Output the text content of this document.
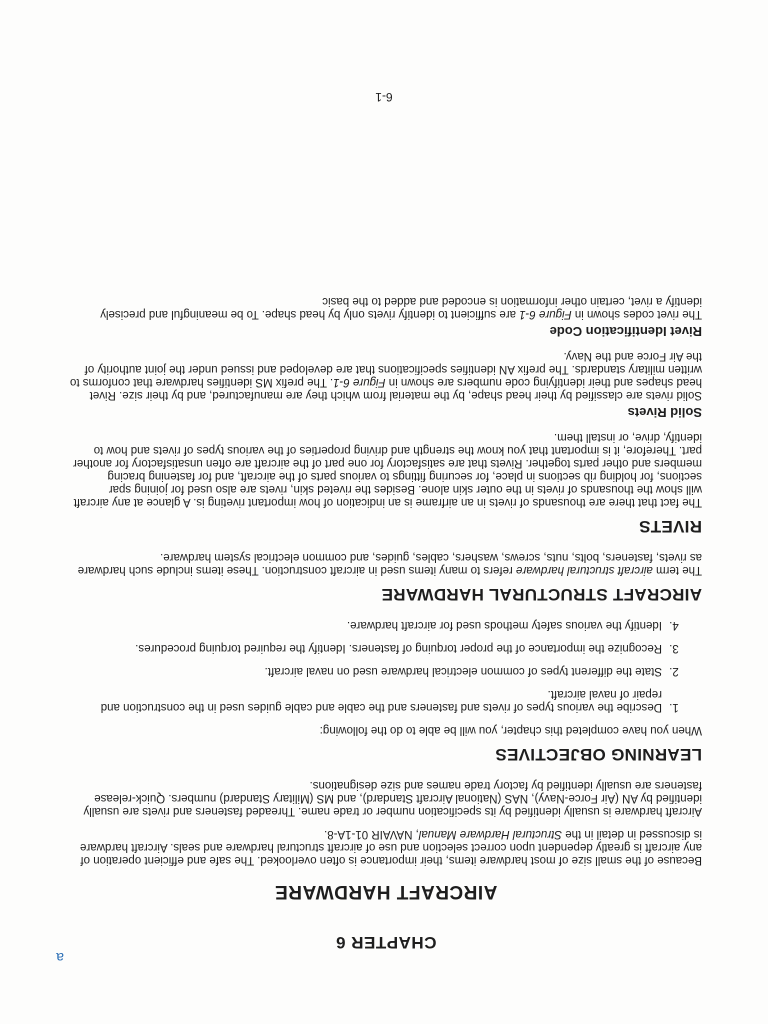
CHAPTER 6
AIRCRAFT HARDWARE

Because of the small size of most hardware items, their importance is often overlooked. The safe and efficient operation of any aircraft is greatly dependent upon correct selection and use of aircraft structural hardware and seals. Aircraft hardware is discussed in detail in the Structural Hardware Manual, NAVAIR 01-1A-8.

Aircraft hardware is usually identified by its specification number or trade name. Threaded fasteners and rivets are usually identified by AN (Air Force-Navy), NAS (National Aircraft Standard), and MS (Military Standard) numbers. Quick-release fasteners are usually identified by factory trade names and size designations.

LEARNING OBJECTIVES

When you have completed this chapter, you will be able to do the following:

1. Describe the various types of rivets and fasteners and the cable and cable guides used in the construction and repair of naval aircraft.
2. State the different types of common electrical hardware used on naval aircraft.
3. Recognize the importance of the proper torquing of fasteners. Identify the required torquing procedures.
4. Identify the various safety methods used for aircraft hardware.
AIRCRAFT STRUCTURAL HARDWARE

The term aircraft structural hardware refers to many items used in aircraft construction. These items include such hardware as rivets, fasteners, bolts, nuts, screws, washers, cables, guides, and common electrical system hardware.

RIVETS

The fact that there are thousands of rivets in an airframe is an indication of how important riveting is. A glance at any aircraft will show the thousands of rivets in the outer skin alone. Besides the riveted skin, rivets are also used for joining spar sections, for holding rib sections in place, for securing fittings to various parts of the aircraft, and for fastening bracing members and other parts together. Rivets that are satisfactory for one part of the aircraft are often unsatisfactory for another part. Therefore, it is important that you know the strength and driving properties of the various types of rivets and how to identify, drive, or install them.

Solid Rivets

Solid rivets are classified by their head shape, by the material from which they are manufactured, and by their size. Rivet head shapes and their identifying code numbers are shown in Figure 6-1. The prefix MS identifies hardware that conforms to written military standards. The prefix AN identifies specifications that are developed and issued under the joint authority of the Air Force and the Navy.

Rivet Identification Code

The rivet codes shown in Figure 6-1 are sufficient to identify rivets only by head shape. To be meaningful and precisely identify a rivet, certain other information is encoded and added to the basic

6-1
a
